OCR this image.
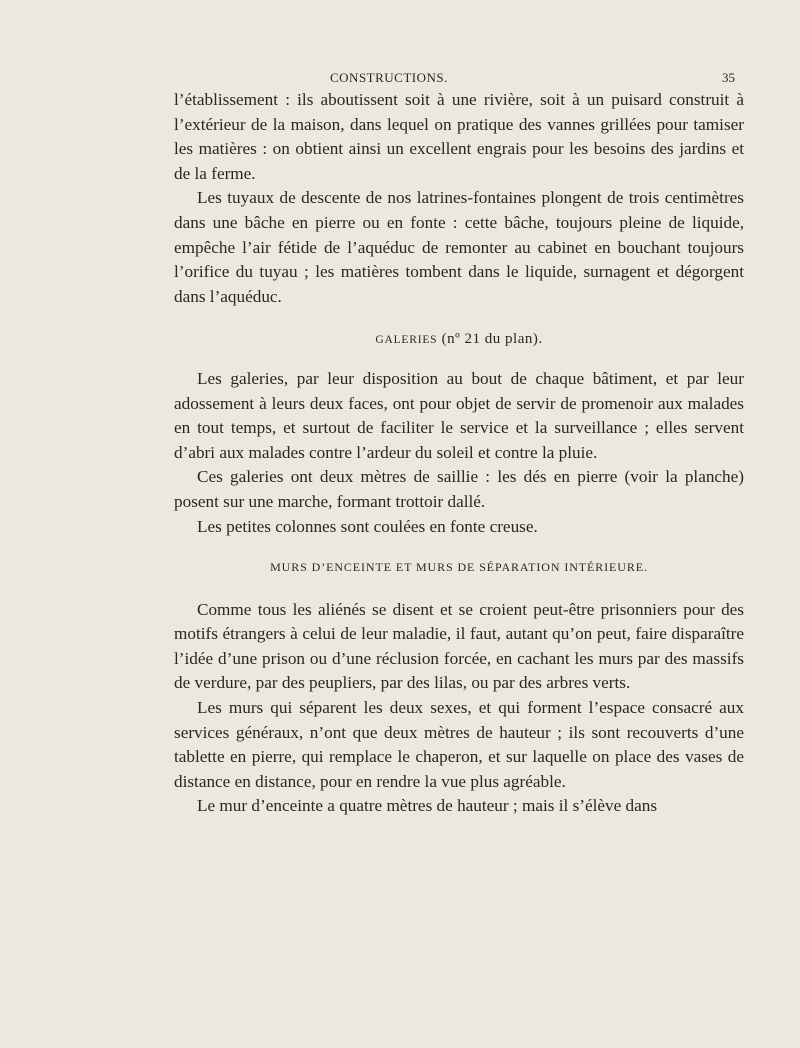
CONSTRUCTIONS.	35

l’établissement : ils aboutissent soit à une rivière, soit à un puisard construit à l’extérieur de la maison, dans lequel on pratique des vannes grillées pour tamiser les matières : on obtient ainsi un excellent engrais pour les besoins des jardins et de la ferme.

Les tuyaux de descente de nos latrines-fontaines plongent de trois centimètres dans une bâche en pierre ou en fonte : cette bâche, toujours pleine de liquide, empêche l’air fétide de l’aquéduc de remonter au cabinet en bouchant toujours l’orifice du tuyau ; les matières tombent dans le liquide, surnagent et dégorgent dans l’aquéduc.

GALERIES (nº 21 du plan).

Les galeries, par leur disposition au bout de chaque bâtiment, et par leur adossement à leurs deux faces, ont pour objet de servir de promenoir aux malades en tout temps, et surtout de faciliter le service et la surveillance ; elles servent d’abri aux malades contre l’ardeur du soleil et contre la pluie.

Ces galeries ont deux mètres de saillie : les dés en pierre (voir la planche) posent sur une marche, formant trottoir dallé.

Les petites colonnes sont coulées en fonte creuse.

MURS D’ENCEINTE ET MURS DE SÉPARATION INTÉRIEURE.

Comme tous les aliénés se disent et se croient peut-être prisonniers pour des motifs étrangers à celui de leur maladie, il faut, autant qu’on peut, faire disparaître l’idée d’une prison ou d’une réclusion forcée, en cachant les murs par des massifs de verdure, par des peupliers, par des lilas, ou par des arbres verts.

Les murs qui séparent les deux sexes, et qui forment l’espace consacré aux services généraux, n’ont que deux mètres de hauteur ; ils sont recouverts d’une tablette en pierre, qui remplace le chaperon, et sur laquelle on place des vases de distance en distance, pour en rendre la vue plus agréable.

Le mur d’enceinte a quatre mètres de hauteur ; mais il s’élève dans
